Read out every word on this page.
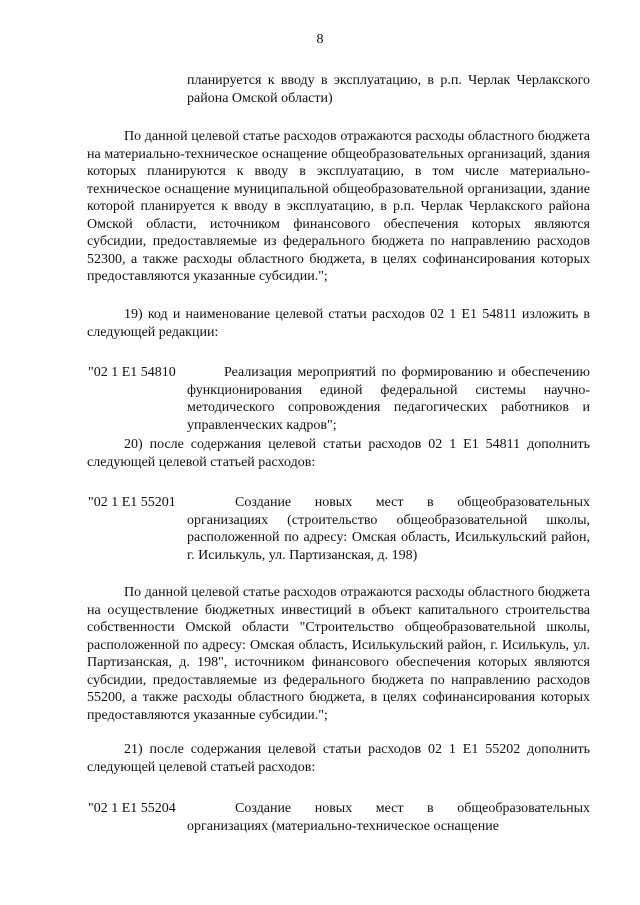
8
планируется к вводу в эксплуатацию, в р.п. Черлак Черлакского района Омской области)
По данной целевой статье расходов отражаются расходы областного бюджета на материально-техническое оснащение общеобразовательных организаций, здания которых планируются к вводу в эксплуатацию, в том числе материально-техническое оснащение муниципальной общеобразовательной организации, здание которой планируется к вводу в эксплуатацию, в р.п. Черлак Черлакского района Омской области, источником финансового обеспечения которых являются субсидии, предоставляемые из федерального бюджета по направлению расходов 52300, а также расходы областного бюджета, в целях софинансирования которых предоставляются указанные субсидии.";
19) код и наименование целевой статьи расходов 02 1 E1 54811 изложить в следующей редакции:
"02 1 E1 54810	Реализация мероприятий по формированию и обеспечению функционирования единой федеральной системы научно-методического сопровождения педагогических работников и управленческих кадров";
20) после содержания целевой статьи расходов 02 1 E1 54811 дополнить следующей целевой статьей расходов:
"02 1 E1 55201	Создание новых мест в общеобразовательных организациях (строительство общеобразовательной школы, расположенной по адресу: Омская область, Исилькульский район, г. Исилькуль, ул. Партизанская, д. 198)
По данной целевой статье расходов отражаются расходы областного бюджета на осуществление бюджетных инвестиций в объект капитального строительства собственности Омской области "Строительство общеобразовательной школы, расположенной по адресу: Омская область, Исилькульский район, г. Исилькуль, ул. Партизанская, д. 198", источником финансового обеспечения которых являются субсидии, предоставляемые из федерального бюджета по направлению расходов 55200, а также расходы областного бюджета, в целях софинансирования которых предоставляются указанные субсидии.";
21) после содержания целевой статьи расходов 02 1 E1 55202 дополнить следующей целевой статьей расходов:
"02 1 E1 55204	Создание новых мест в общеобразовательных организациях (материально-техническое оснащение
